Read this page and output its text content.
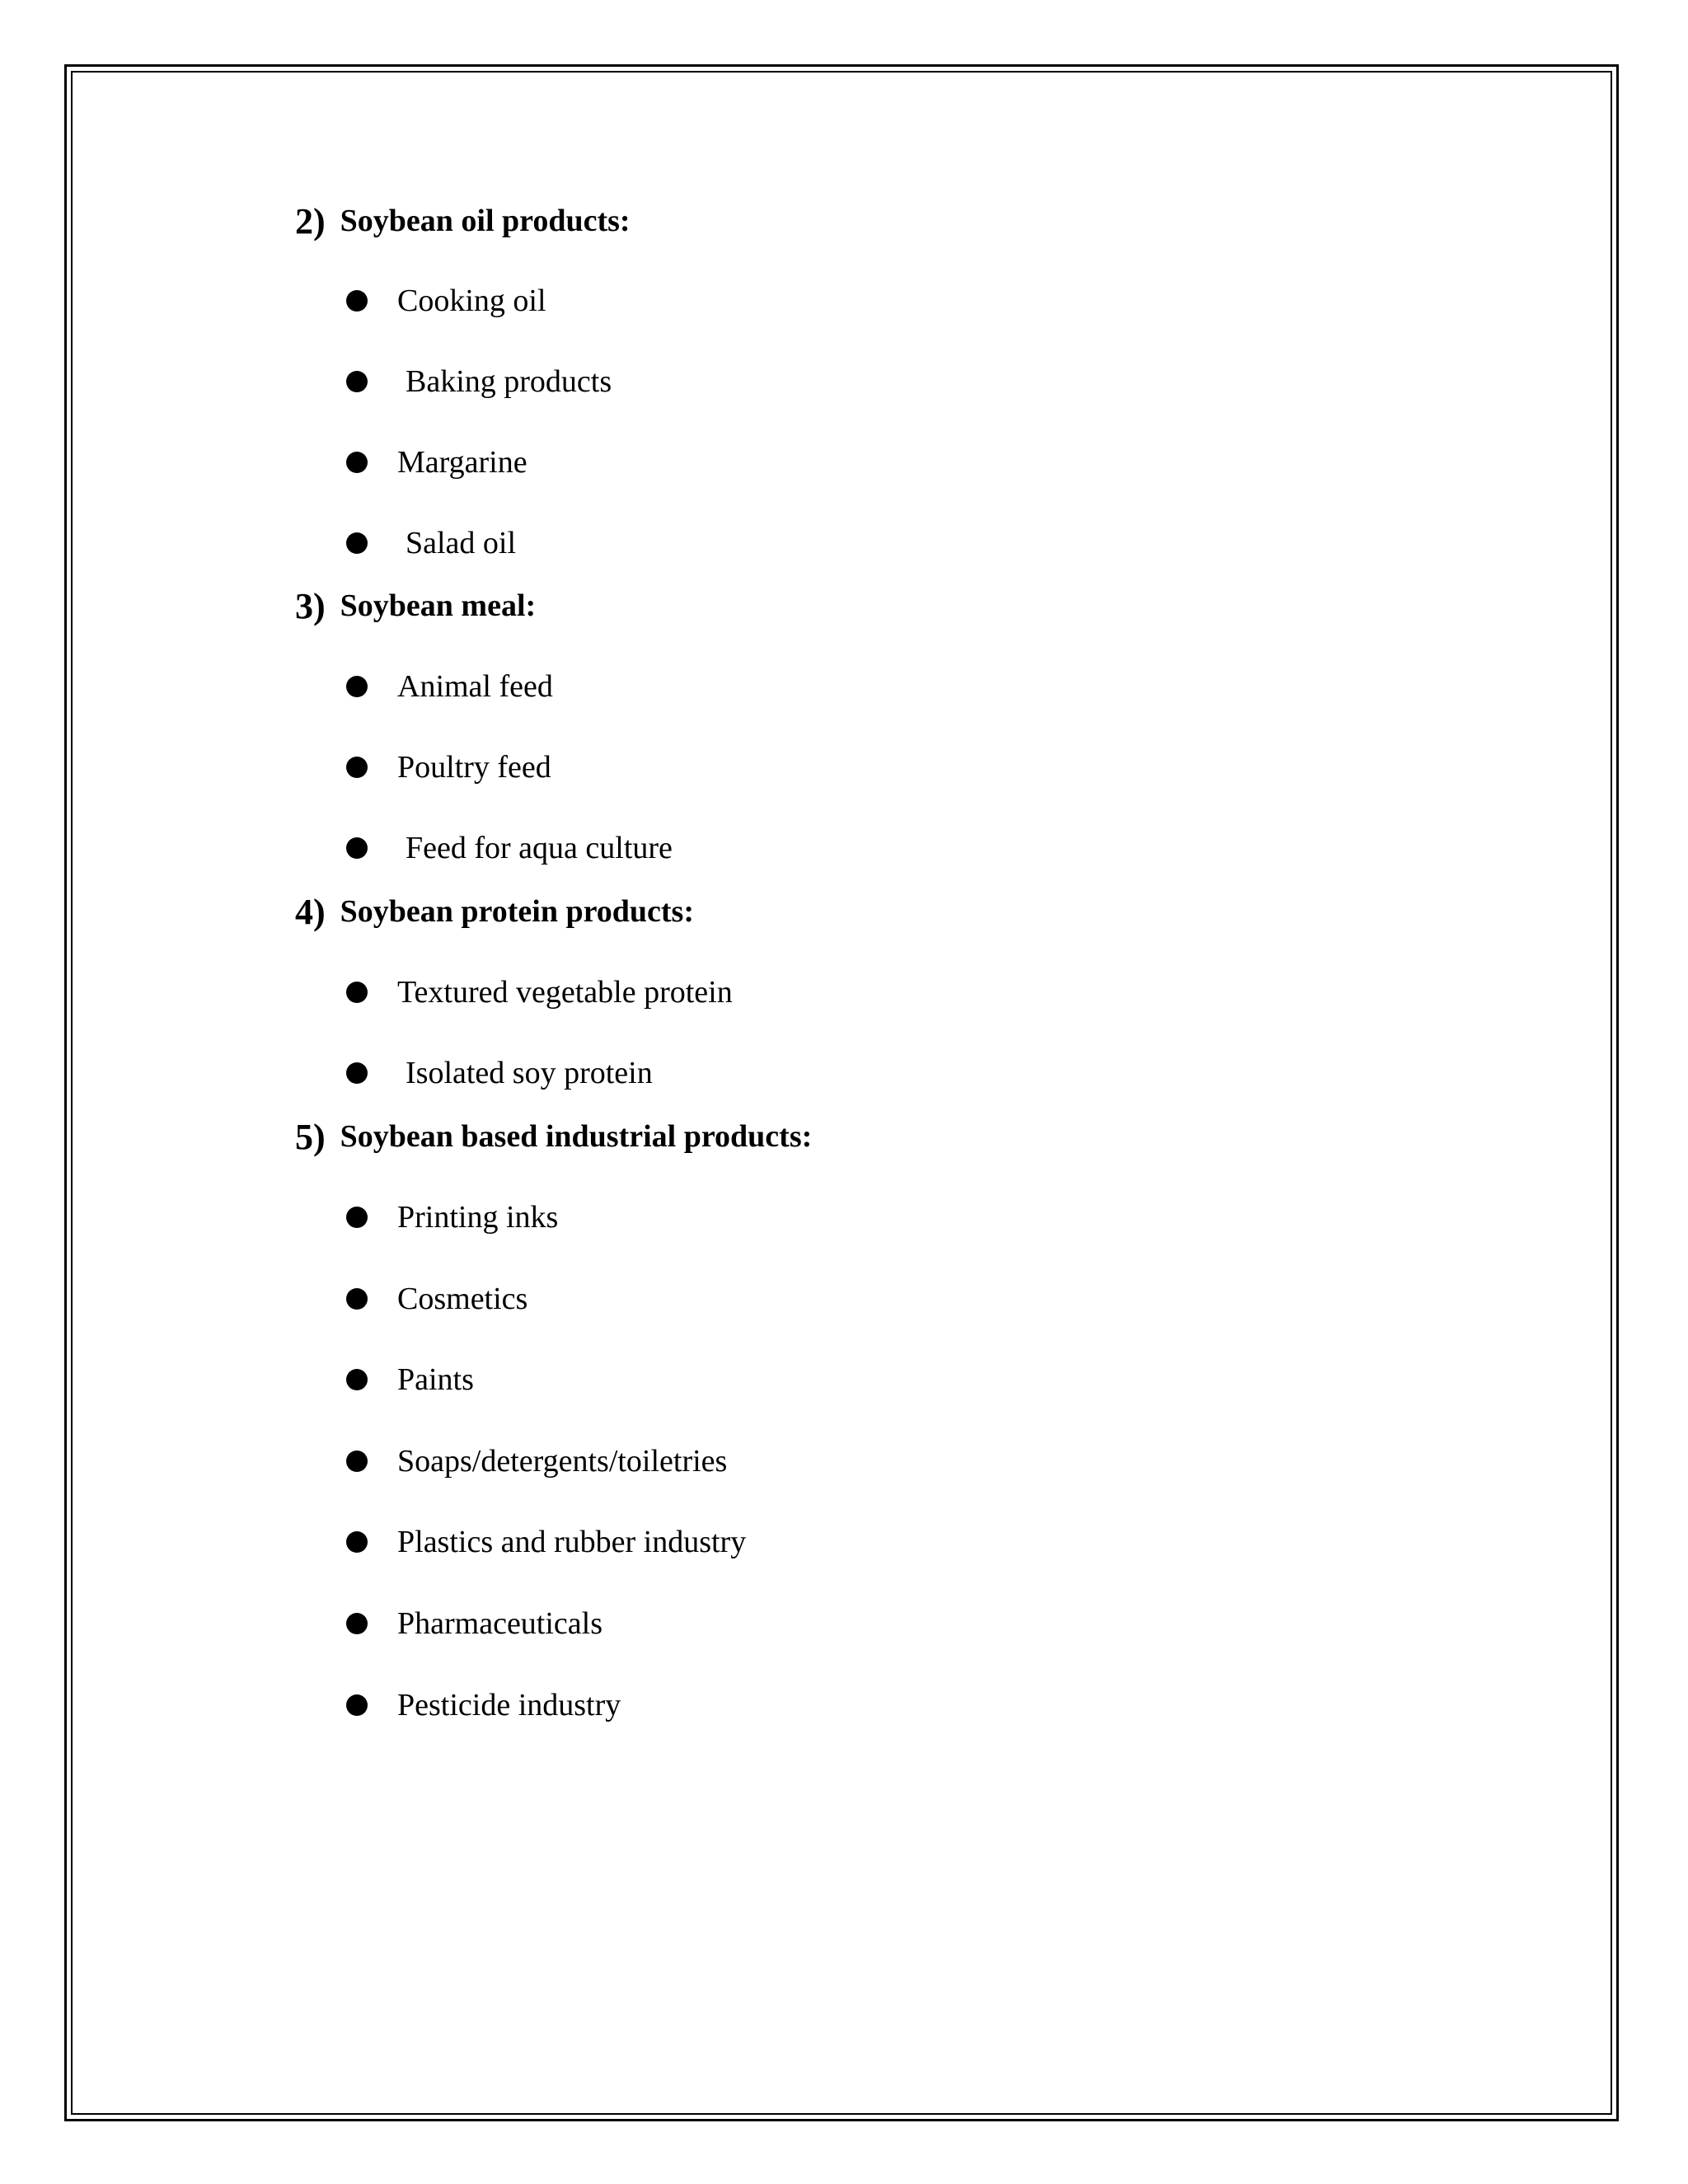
2) Soybean oil products:
Cooking oil
Baking products
Margarine
Salad oil
3) Soybean meal:
Animal feed
Poultry feed
Feed for aqua culture
4) Soybean protein products:
Textured vegetable protein
Isolated soy protein
5) Soybean based industrial products:
Printing inks
Cosmetics
Paints
Soaps/detergents/toiletries
Plastics and rubber industry
Pharmaceuticals
Pesticide industry
